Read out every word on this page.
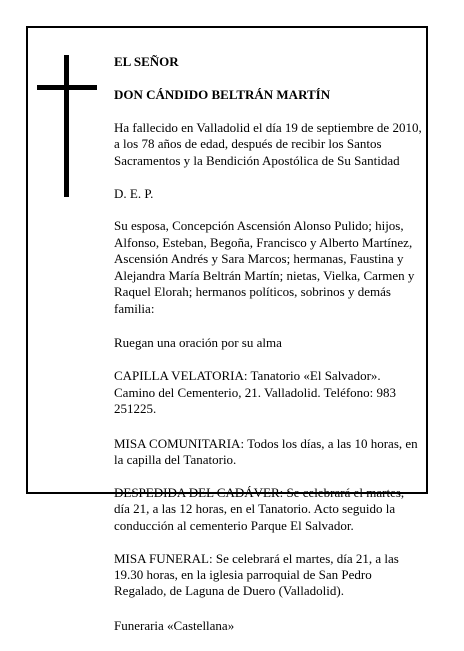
EL SEÑOR

DON CÁNDIDO BELTRÁN MARTÍN

Ha fallecido en Valladolid el día 19 de septiembre de 2010, a los 78 años de edad, después de recibir los Santos Sacramentos y la Bendición Apostólica de Su Santidad

D. E. P.

Su esposa, Concepción Ascensión Alonso Pulido; hijos, Alfonso, Esteban, Begoña, Francisco y Alberto Martínez, Ascensión Andrés y Sara Marcos; hermanas, Faustina y Alejandra María Beltrán Martín; nietas, Vielka, Carmen y Raquel Elorah; hermanos políticos, sobrinos y demás familia:

Ruegan una oración por su alma

CAPILLA VELATORIA: Tanatorio «El Salvador». Camino del Cementerio, 21. Valladolid. Teléfono: 983 251225.

MISA COMUNITARIA: Todos los días, a las 10 horas, en la capilla del Tanatorio.

DESPEDIDA DEL CADÁVER: Se celebrará el martes, día 21, a las 12 horas, en el Tanatorio. Acto seguido la conducción al cementerio Parque El Salvador.

MISA FUNERAL: Se celebrará el martes, día 21, a las 19.30 horas, en la iglesia parroquial de San Pedro Regalado, de Laguna de Duero (Valladolid).

Funeraria «Castellana»
